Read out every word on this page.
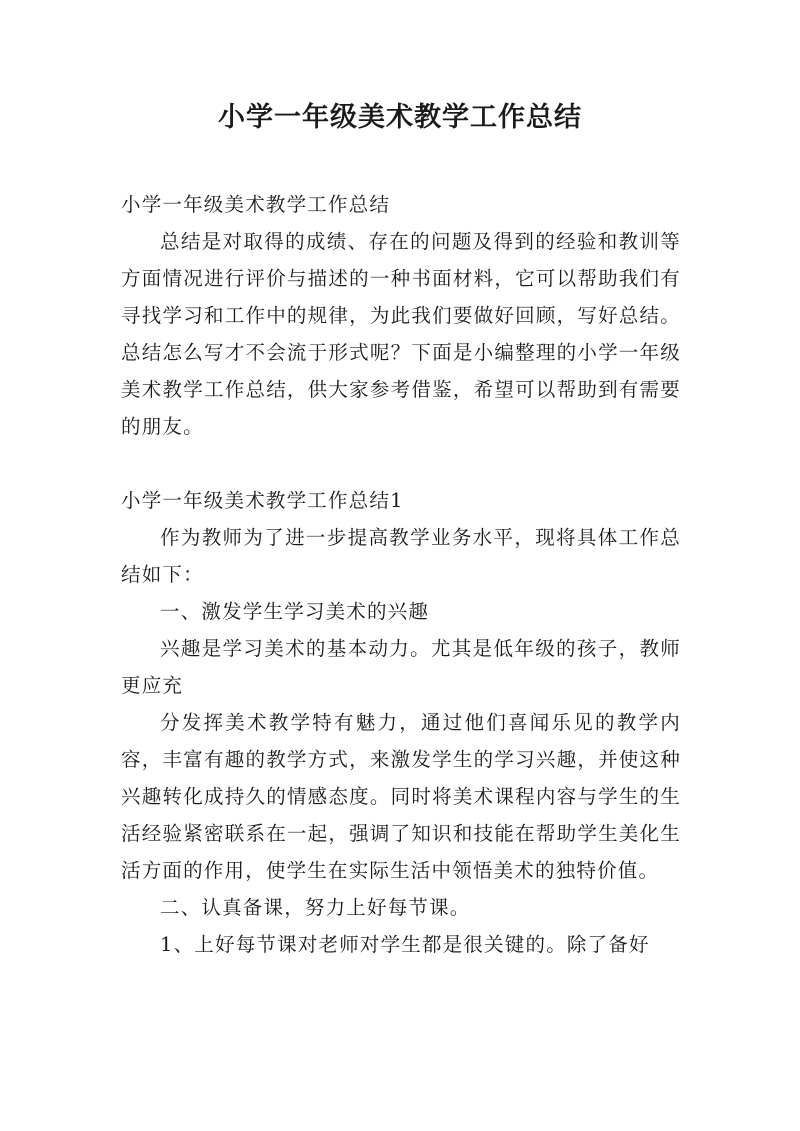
小学一年级美术教学工作总结

小学一年级美术教学工作总结

总结是对取得的成绩、存在的问题及得到的经验和教训等方面情况进行评价与描述的一种书面材料，它可以帮助我们有寻找学习和工作中的规律，为此我们要做好回顾，写好总结。总结怎么写才不会流于形式呢？下面是小编整理的小学一年级美术教学工作总结，供大家参考借鉴，希望可以帮助到有需要的朋友。

小学一年级美术教学工作总结1

作为教师为了进一步提高教学业务水平，现将具体工作总结如下：

一、激发学生学习美术的兴趣

兴趣是学习美术的基本动力。尤其是低年级的孩子，教师更应充

分发挥美术教学特有魅力，通过他们喜闻乐见的教学内容，丰富有趣的教学方式，来激发学生的学习兴趣，并使这种兴趣转化成持久的情感态度。同时将美术课程内容与学生的生活经验紧密联系在一起，强调了知识和技能在帮助学生美化生活方面的作用，使学生在实际生活中领悟美术的独特价值。

二、认真备课，努力上好每节课。

1、上好每节课对老师对学生都是很关键的。除了备好
